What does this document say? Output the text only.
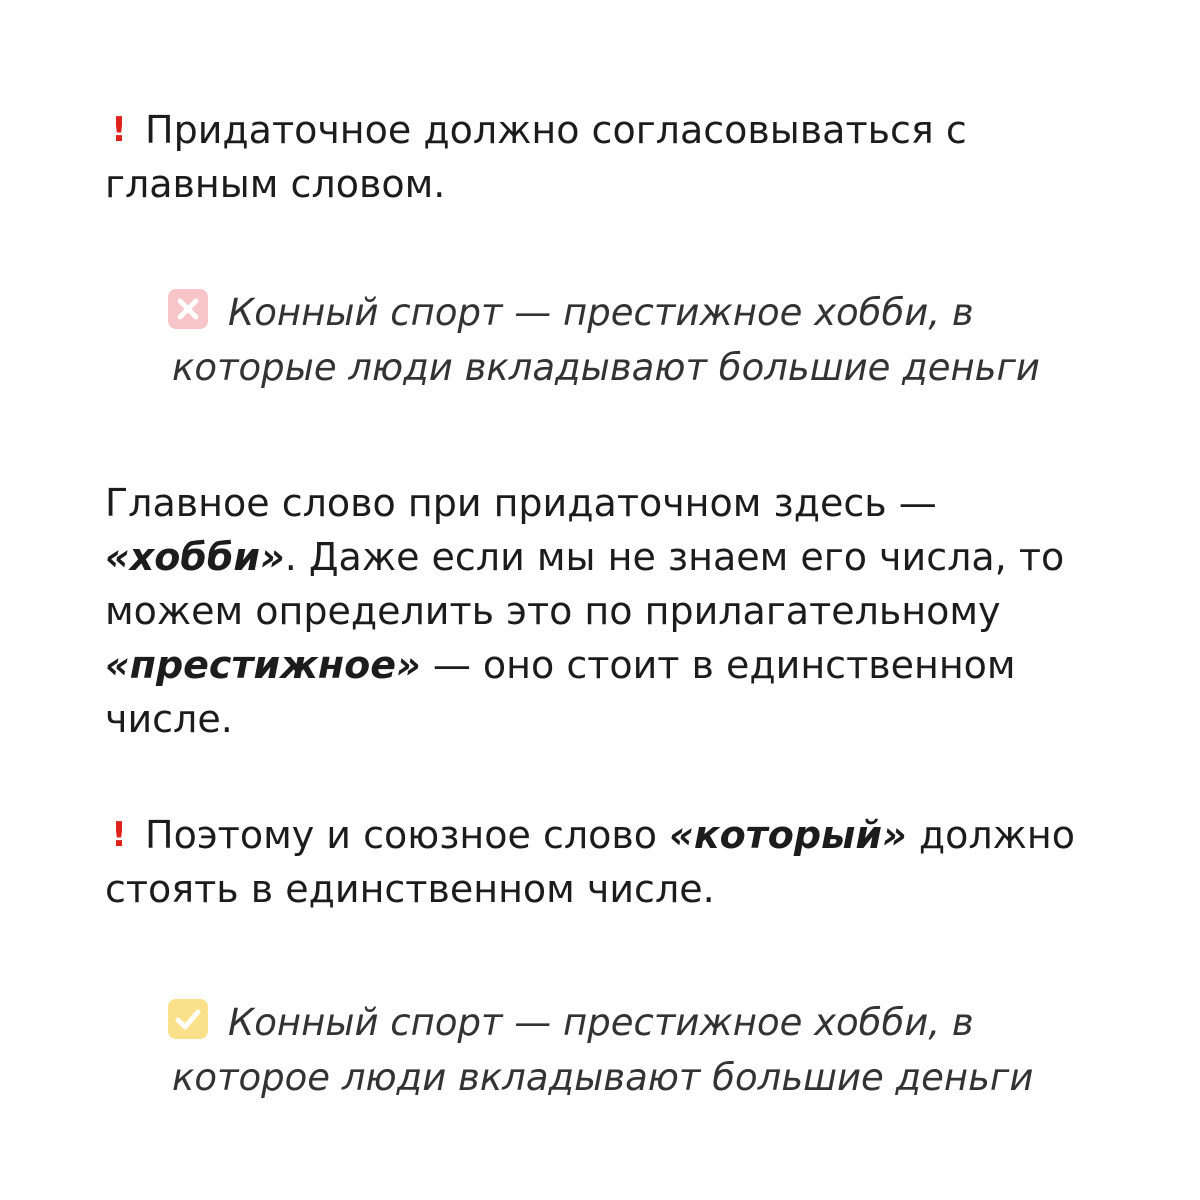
! Придаточное должно согласовываться с главным словом.
Конный спорт — престижное хобби, в
которые люди вкладывают большие деньги
Главное слово при придаточном здесь — «хобби». Даже если мы не знаем его числа, то можем определить это по прилагательному «престижное» — оно стоит в единственном числе.
! Поэтому и союзное слово «который» должно стоять в единственном числе.
Конный спорт — престижное хобби, в
которое люди вкладывают большие деньги
